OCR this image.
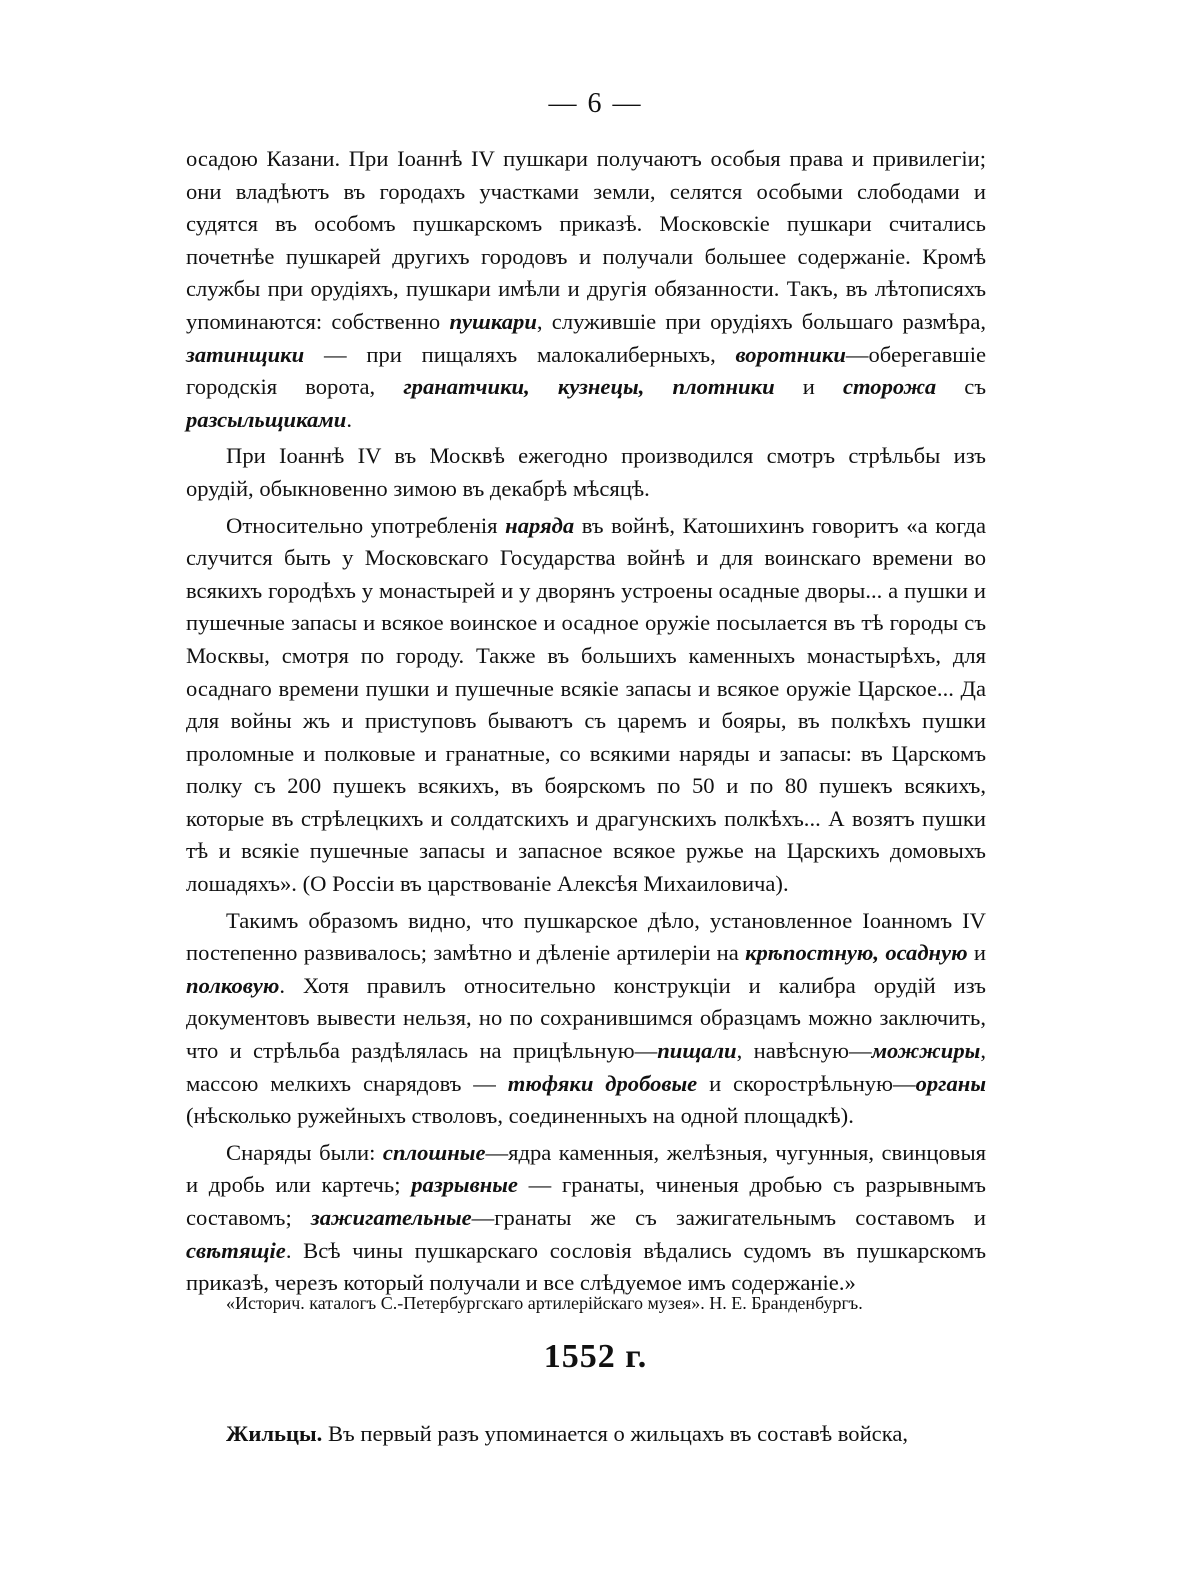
— 6 —

осадою Казани. При Іоаннѣ IV пушкари получаютъ особыя права и привилегіи; они владѣютъ въ городахъ участками земли, селятся особыми слободами и судятся въ особомъ пушкарскомъ приказѣ. Московскіе пушкари считались почетнѣе пушкарей другихъ городовъ и получали большее содержаніе. Кромѣ службы при орудіяхъ, пушкари имѣли и другія обязанности. Такъ, въ лѣтописяхъ упоминаются: собственно пушкари, служившіе при орудіяхъ большаго размѣра, затинщики — при пищаляхъ малокалиберныхъ, воротники—оберегавшіе городскія ворота, гранатчики, кузнецы, плотники и сторожа съ разсыльщиками.

При Іоаннѣ IV въ Москвѣ ежегодно производился смотръ стрѣльбы изъ орудій, обыкновенно зимою въ декабрѣ мѣсяцѣ.

Относительно употребленія наряда въ войнѣ, Катошихинъ говоритъ «а когда случится быть у Московскаго Государства войнѣ и для воинскаго времени во всякихъ городѣхъ у монастырей и у дворянъ устроены осадные дворы... а пушки и пушечные запасы и всякое воинское и осадное оружіе посылается въ тѣ городы съ Москвы, смотря по городу. Также въ большихъ каменныхъ монастырѣхъ, для осаднаго времени пушки и пушечные всякіе запасы и всякое оружіе Царское... Да для войны жъ и приступовъ бываютъ съ царемъ и бояры, въ полкѣхъ пушки проломные и полковые и гранатные, со всякими наряды и запасы: въ Царскомъ полку съ 200 пушекъ всякихъ, въ боярскомъ по 50 и по 80 пушекъ всякихъ, которые въ стрѣлецкихъ и солдатскихъ и драгунскихъ полкѣхъ... А возятъ пушки тѣ и всякіе пушечные запасы и запасное всякое ружье на Царскихъ домовыхъ лошадяхъ». (О Россіи въ царствованіе Алексѣя Михаиловича).

Такимъ образомъ видно, что пушкарское дѣло, установленное Іоанномъ IV постепенно развивалось; замѣтно и дѣленіе артилеріи на крѣпостную, осадную и полковую. Хотя правилъ относительно конструкціи и калибра орудій изъ документовъ вывести нельзя, но по сохранившимся образцамъ можно заключить, что и стрѣльба раздѣлялась на прицѣльную—пищали, навѣсную—можжиры, массою мелкихъ снарядовъ — тюфяки дробовые и скорострѣльную—органы (нѣсколько ружейныхъ стволовъ, соединенныхъ на одной площадкѣ).

Снаряды были: сплошные—ядра каменныя, желѣзныя, чугунныя, свинцовыя и дробь или картечь; разрывные — гранаты, чиненыя дробью съ разрывнымъ составомъ; зажигательные—гранаты же съ зажигательнымъ составомъ и свѣтящіе. Всѣ чины пушкарскаго сословія вѣдались судомъ въ пушкарскомъ приказѣ, черезъ который получали и все слѣдуемое имъ содержаніе.»

«Историч. каталогъ С.-Петербургскаго артилерійскаго музея». Н. Е. Бранденбургъ.
1552 г.
Жильцы. Въ первый разъ упоминается о жильцахъ въ составѣ войска,
